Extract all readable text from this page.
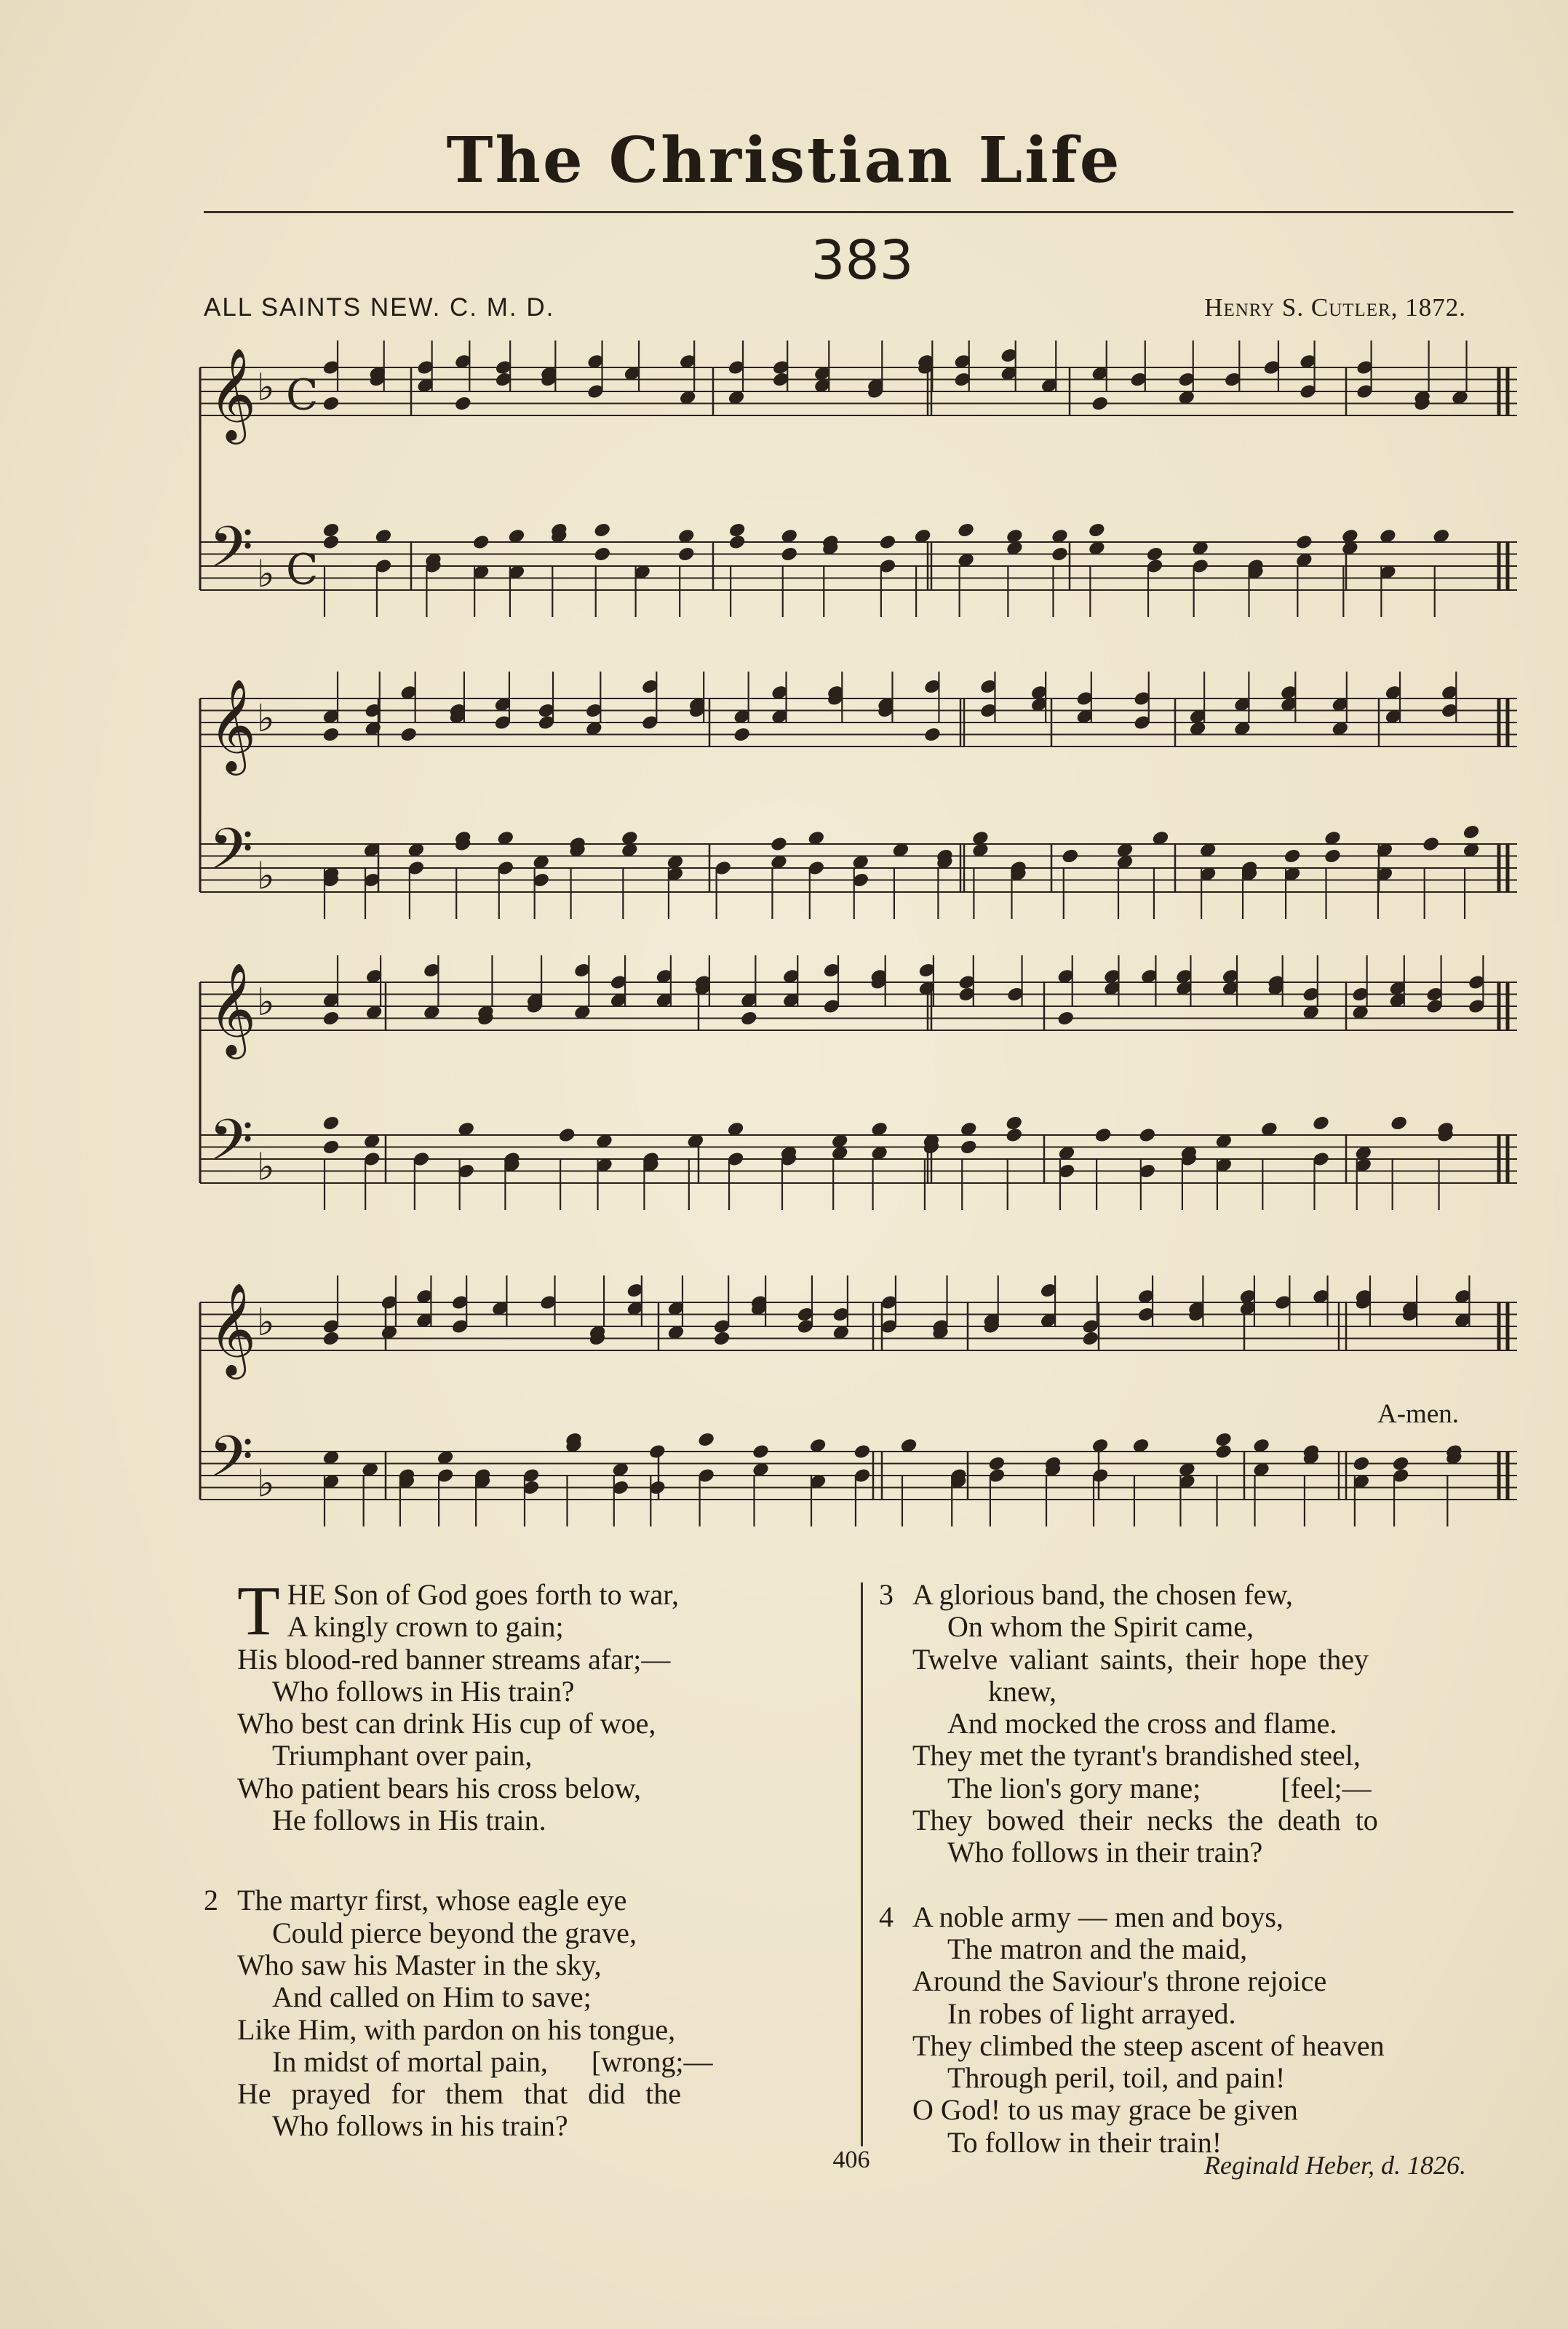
The Christian Life
383
ALL SAINTS NEW. C. M. D.	Henry S. Cutler, 1872.
𝄞 ♭ C
𝄢 ♭ C
𝄞 ♭
𝄢 ♭
𝄞 ♭
𝄢 ♭
𝄞 ♭
𝄢 ♭
A-men.
T HE Son of God goes forth to war,
A kingly crown to gain;
His blood-red banner streams afar;—
Who follows in His train?
Who best can drink His cup of woe,
Triumphant over pain,
Who patient bears his cross below,
He follows in His train.
2 The martyr first, whose eagle eye
Could pierce beyond the grave,
Who saw his Master in the sky,
And called on Him to save;
Like Him, with pardon on his tongue,
In midst of mortal pain,      [wrong;—
He prayed for them that did the
Who follows in his train?
3 A glorious band, the chosen few,
On whom the Spirit came,
Twelve valiant saints, their hope they
knew,
And mocked the cross and flame.
They met the tyrant's brandished steel,
The lion's gory mane;           [feel;—
They bowed their necks the death to
Who follows in their train?
4 A noble army — men and boys,
The matron and the maid,
Around the Saviour's throne rejoice
In robes of light arrayed.
They climbed the steep ascent of heaven
Through peril, toil, and pain!
O God! to us may grace be given
To follow in their train!
406	Reginald Heber, d. 1826.
